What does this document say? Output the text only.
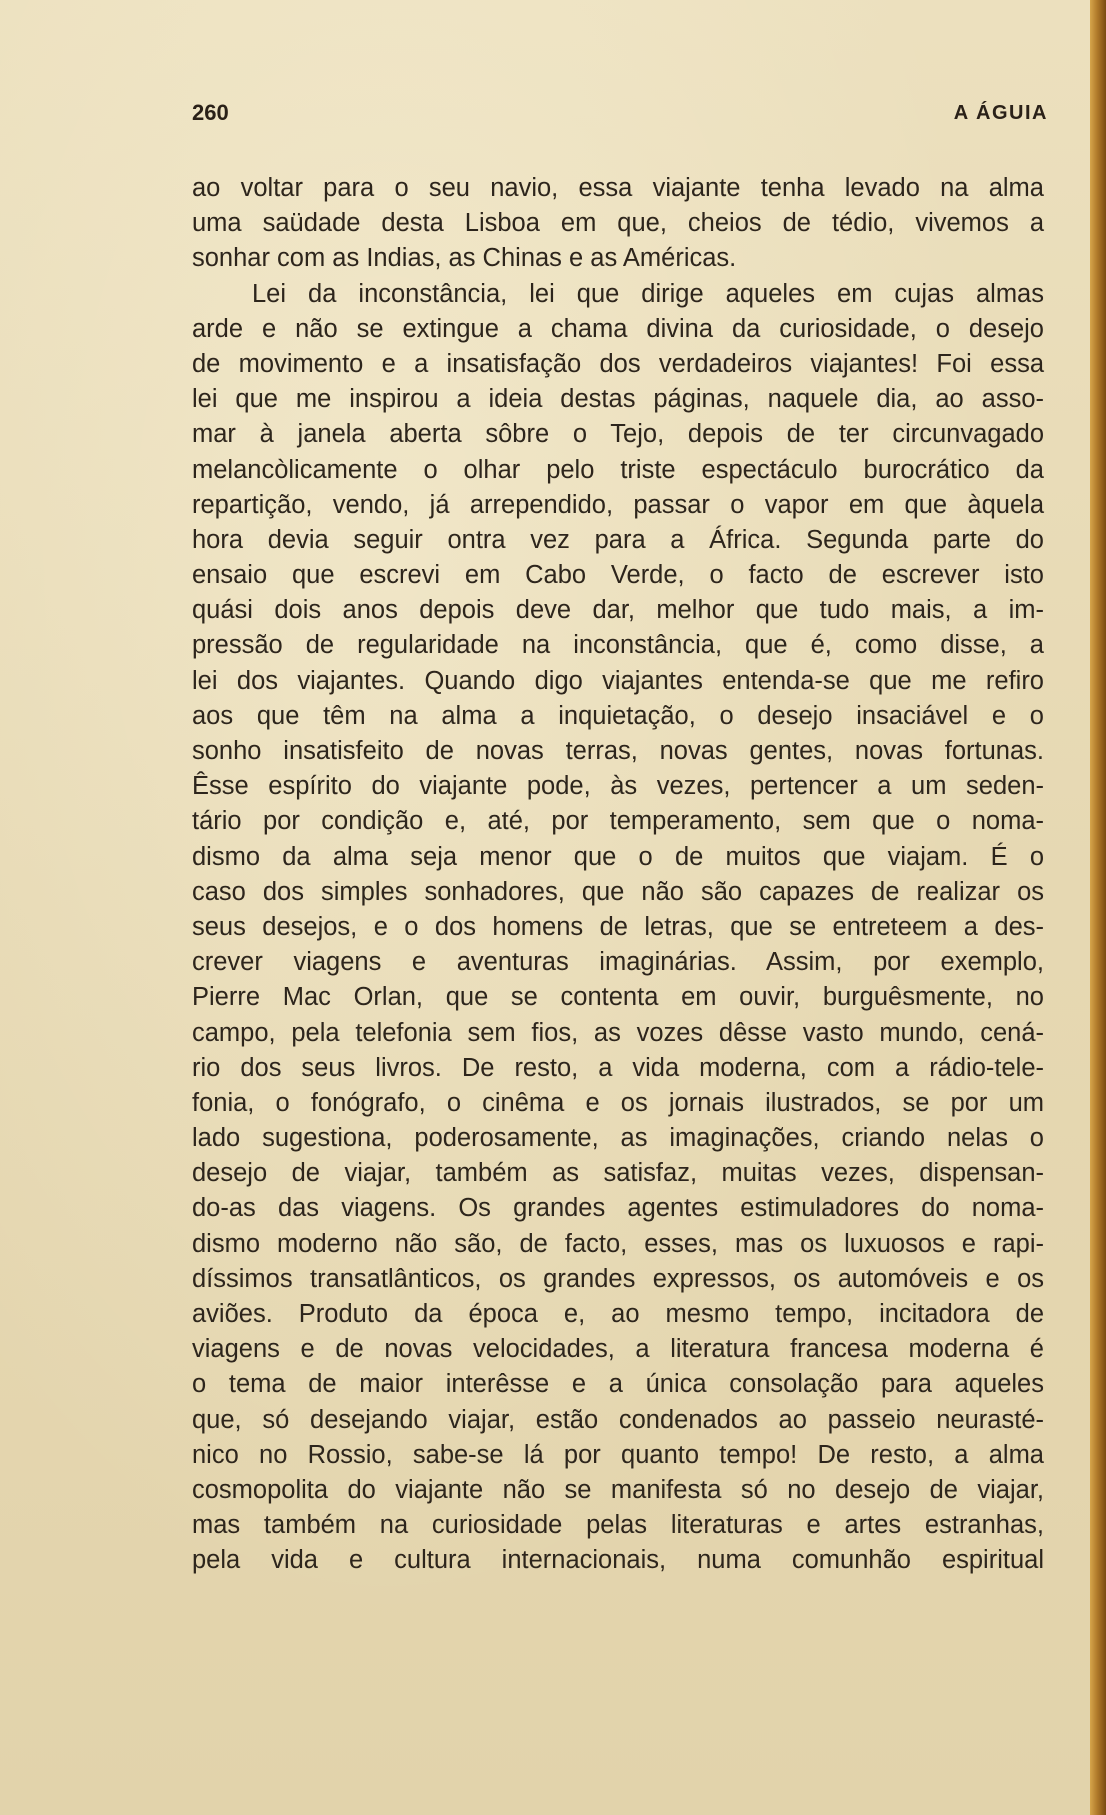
260	A ÁGUIA
ao voltar para o seu navio, essa viajante tenha levado na alma
uma saüdade desta Lisboa em que, cheios de tédio, vivemos a
sonhar com as Indias, as Chinas e as Américas.
Lei da inconstância, lei que dirige aqueles em cujas almas
arde e não se extingue a chama divina da curiosidade, o desejo
de movimento e a insatisfação dos verdadeiros viajantes! Foi essa
lei que me inspirou a ideia destas páginas, naquele dia, ao asso-
mar à janela aberta sôbre o Tejo, depois de ter circunvagado
melancòlicamente o olhar pelo triste espectáculo burocrático da
repartição, vendo, já arrependido, passar o vapor em que àquela
hora devia seguir ontra vez para a África. Segunda parte do
ensaio que escrevi em Cabo Verde, o facto de escrever isto
quási dois anos depois deve dar, melhor que tudo mais, a im-
pressão de regularidade na inconstância, que é, como disse, a
lei dos viajantes. Quando digo viajantes entenda-se que me refiro
aos que têm na alma a inquietação, o desejo insaciável e o
sonho insatisfeito de novas terras, novas gentes, novas fortunas.
Êsse espírito do viajante pode, às vezes, pertencer a um seden-
tário por condição e, até, por temperamento, sem que o noma-
dismo da alma seja menor que o de muitos que viajam. É o
caso dos simples sonhadores, que não são capazes de realizar os
seus desejos, e o dos homens de letras, que se entreteem a des-
crever viagens e aventuras imaginárias. Assim, por exemplo,
Pierre Mac Orlan, que se contenta em ouvir, burguêsmente, no
campo, pela telefonia sem fios, as vozes dêsse vasto mundo, cená-
rio dos seus livros. De resto, a vida moderna, com a rádio-tele-
fonia, o fonógrafo, o cinêma e os jornais ilustrados, se por um
lado sugestiona, poderosamente, as imaginações, criando nelas o
desejo de viajar, também as satisfaz, muitas vezes, dispensan-
do-as das viagens. Os grandes agentes estimuladores do noma-
dismo moderno não são, de facto, esses, mas os luxuosos e rapi-
díssimos transatlânticos, os grandes expressos, os automóveis e os
aviões. Produto da época e, ao mesmo tempo, incitadora de
viagens e de novas velocidades, a literatura francesa moderna é
o tema de maior interêsse e a única consolação para aqueles
que, só desejando viajar, estão condenados ao passeio neurasté-
nico no Rossio, sabe-se lá por quanto tempo! De resto, a alma
cosmopolita do viajante não se manifesta só no desejo de viajar,
mas também na curiosidade pelas literaturas e artes estranhas,
pela vida e cultura internacionais, numa comunhão espiritual
